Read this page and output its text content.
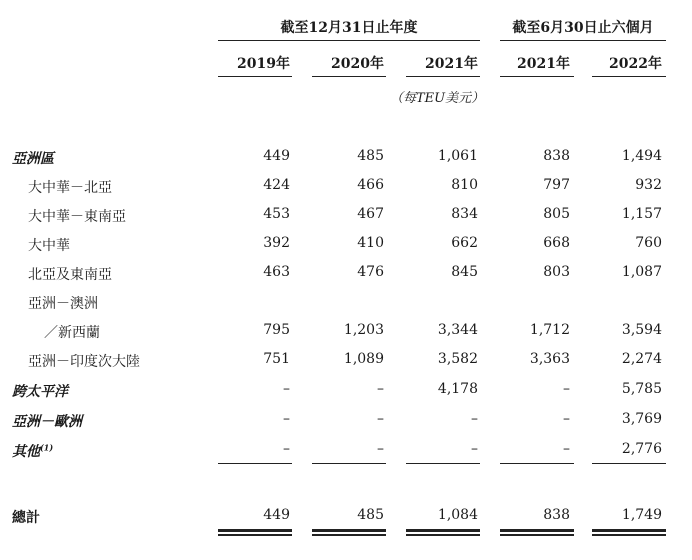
截至12月31日止年度	截至6月30日止六個月
2019年	2020年	2021年	2021年	2022年
（每TEU美元）
亞洲區	449	485	1,061	838	1,494
大中華－北亞	424	466	810	797	932
大中華－東南亞	453	467	834	805	1,157
大中華	392	410	662	668	760
北亞及東南亞	463	476	845	803	1,087
亞洲－澳洲
／新西蘭	795	1,203	3,344	1,712	3,594
亞洲－印度次大陸	751	1,089	3,582	3,363	2,274
跨太平洋	–	–	4,178	–	5,785
亞洲－歐洲	–	–	–	–	3,769
其他$^{(1)}$	–	–	–	–	2,776
總計	449	485	1,084	838	1,749
